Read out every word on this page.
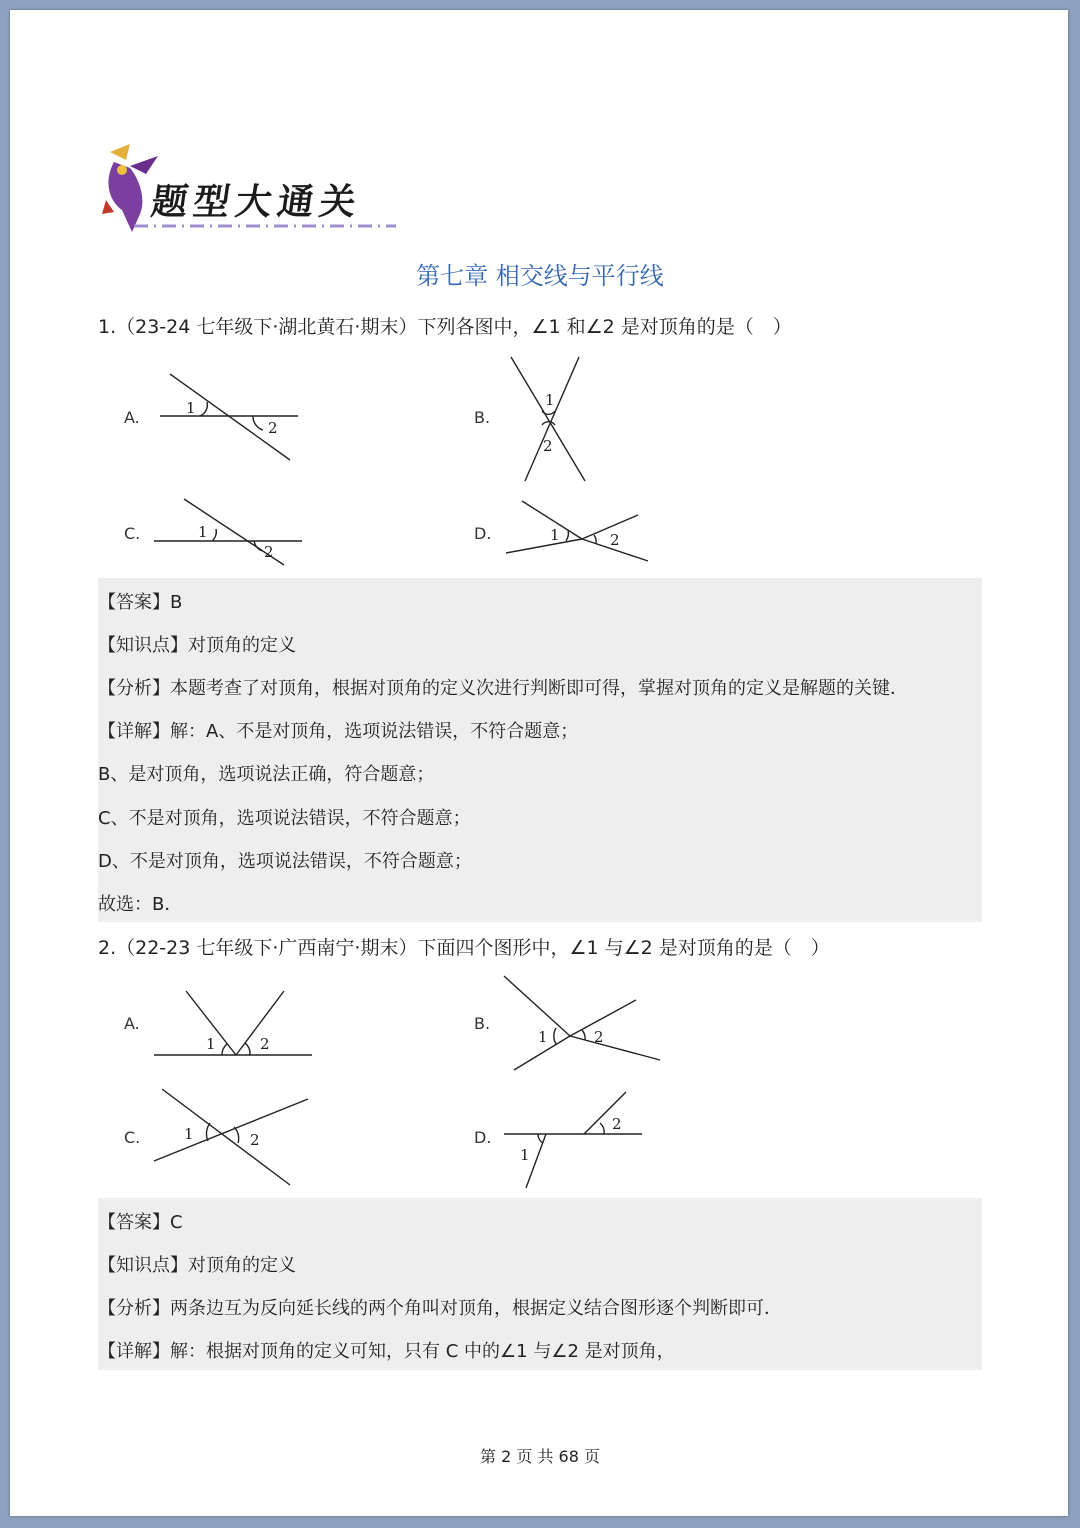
题型大通关
第七章 相交线与平行线
1.（23-24 七年级下·湖北黄石·期末）下列各图中，∠1 和∠2 是对顶角的是（　）
A.	1
2
B.
1
2
C.	1
2
D.	1	2
【答案】B
【知识点】对顶角的定义
【分析】本题考查了对顶角，根据对顶角的定义次进行判断即可得，掌握对顶角的定义是解题的关键．
【详解】解：A、不是对顶角，选项说法错误，不符合题意；
B、是对顶角，选项说法正确，符合题意；
C、不是对顶角，选项说法错误，不符合题意；
D、不是对顶角，选项说法错误，不符合题意；
故选：B．
2.（22-23 七年级下·广西南宁·期末）下面四个图形中，∠1 与∠2 是对顶角的是（　）
A.
1	2
B.
1	2
C.	1	2	D.
1
2
【答案】C
【知识点】对顶角的定义
【分析】两条边互为反向延长线的两个角叫对顶角，根据定义结合图形逐个判断即可．
【详解】解：根据对顶角的定义可知，只有 C 中的∠1 与∠2 是对顶角，
第 2 页 共 68 页
